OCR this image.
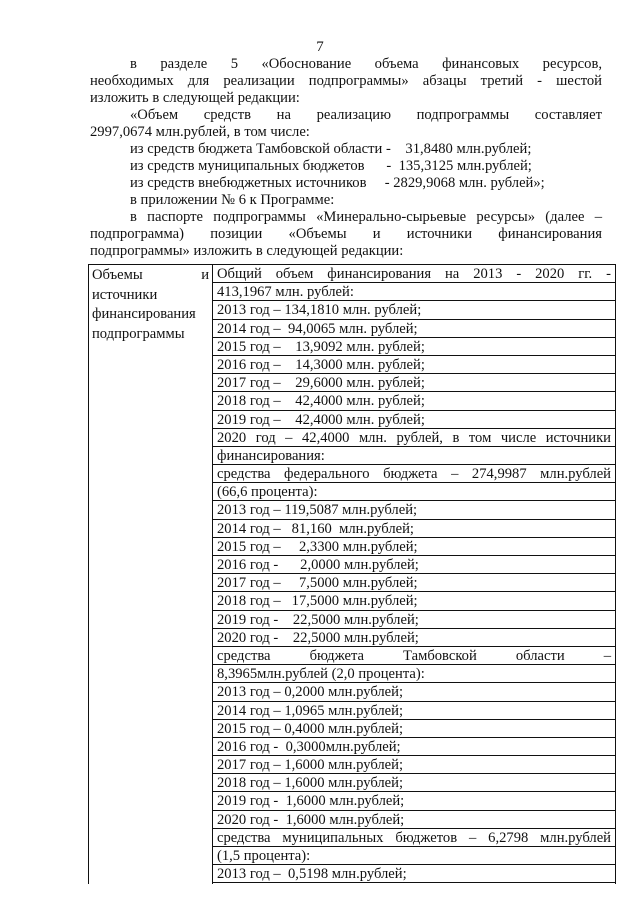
7

в разделе 5 «Обоснование объема финансовых ресурсов,

необходимых для реализации подпрограммы» абзацы третий - шестой

изложить в следующей редакции:

«Объем средств на реализацию подпрограммы составляет

2997,0674 млн.рублей, в том числе:

из средств бюджета Тамбовской области -    31,8480 млн.рублей;

из средств муниципальных бюджетов      -  135,3125 млн.рублей;

из средств внебюджетных источников     - 2829,9068 млн. рублей»;

в приложении № 6 к Программе:

в паспорте подпрограммы «Минерально-сырьевые ресурсы» (далее –

подпрограмма) позиции «Объемы и источники финансирования

подпрограммы» изложить в следующей редакции:

Объемы	и
источники
финансирования
подпрограммы
Общий объем финансирования на 2013 - 2020 гг. -
413,1967 млн. рублей:
2013 год – 134,1810 млн. рублей;
2014 год –  94,0065 млн. рублей;
2015 год –    13,9092 млн. рублей;
2016 год –    14,3000 млн. рублей;
2017 год –    29,6000 млн. рублей;
2018 год –    42,4000 млн. рублей;
2019 год –    42,4000 млн. рублей;
2020 год – 42,4000 млн. рублей, в том числе источники
финансирования:
средства федерального бюджета – 274,9987 млн.рублей
(66,6 процента):
2013 год – 119,5087 млн.рублей;
2014 год –   81,160  млн.рублей;
2015 год –     2,3300 млн.рублей;
2016 год -      2,0000 млн.рублей;
2017 год –     7,5000 млн.рублей;
2018 год –   17,5000 млн.рублей;
2019 год -    22,5000 млн.рублей;
2020 год -    22,5000 млн.рублей;
средства бюджета Тамбовской области –
8,3965млн.рублей (2,0 процента):
2013 год – 0,2000 млн.рублей;
2014 год – 1,0965 млн.рублей;
2015 год – 0,4000 млн.рублей;
2016 год -  0,3000млн.рублей;
2017 год – 1,6000 млн.рублей;
2018 год – 1,6000 млн.рублей;
2019 год -  1,6000 млн.рублей;
2020 год -  1,6000 млн.рублей;
средства муниципальных бюджетов – 6,2798 млн.рублей
(1,5 процента):
2013 год –  0,5198 млн.рублей;
